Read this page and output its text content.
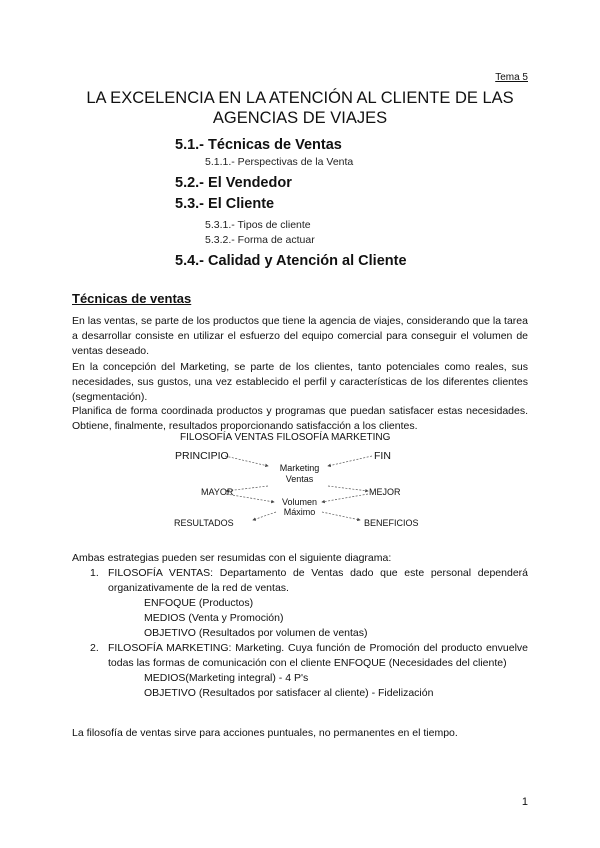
Tema 5
LA EXCELENCIA EN LA ATENCIÓN AL CLIENTE DE LAS
AGENCIAS DE VIAJES

5.1.- Técnicas de Ventas

5.1.1.- Perspectivas de la Venta

5.2.- El Vendedor

5.3.- El Cliente

5.3.1.- Tipos de cliente

5.3.2.- Forma de actuar

5.4.- Calidad y Atención al Cliente

Técnicas de ventas

En las ventas, se parte de los productos que tiene la agencia de viajes, considerando que la tarea a desarrollar consiste en utilizar el esfuerzo del equipo comercial para conseguir el volumen de ventas deseado.

En la concepción del Marketing, se parte de los clientes, tanto potenciales como reales, sus necesidades, sus gustos, una vez establecido el perfil y características de los diferentes clientes (segmentación).

Planifica de forma coordinada productos y programas que puedan satisfacer estas necesidades. Obtiene, finalmente, resultados proporcionando satisfacción a los clientes.

FILOSOFÍA VENTAS FILOSOFÍA MARKETING
PRINCIPIO	FIN
Marketing
Ventas
MAYOR	MEJOR
Volumen
Máximo
RESULTADOS	BENEFICIOS

Ambas estrategias pueden ser resumidas con el siguiente diagrama:

1. FILOSOFÍA VENTAS: Departamento de Ventas dado que este personal dependerá organizativamente de la red de ventas.
ENFOQUE (Productos)
MEDIOS (Venta y Promoción)
OBJETIVO (Resultados por volumen de ventas)
2. FILOSOFÍA MARKETING: Marketing. Cuya función de Promoción del producto envuelve todas las formas de comunicación con el cliente ENFOQUE (Necesidades del cliente)
MEDIOS(Marketing integral) - 4 P's
OBJETIVO (Resultados por satisfacer al cliente) - Fidelización

La filosofía de ventas sirve para acciones puntuales, no permanentes en el tiempo.

1
